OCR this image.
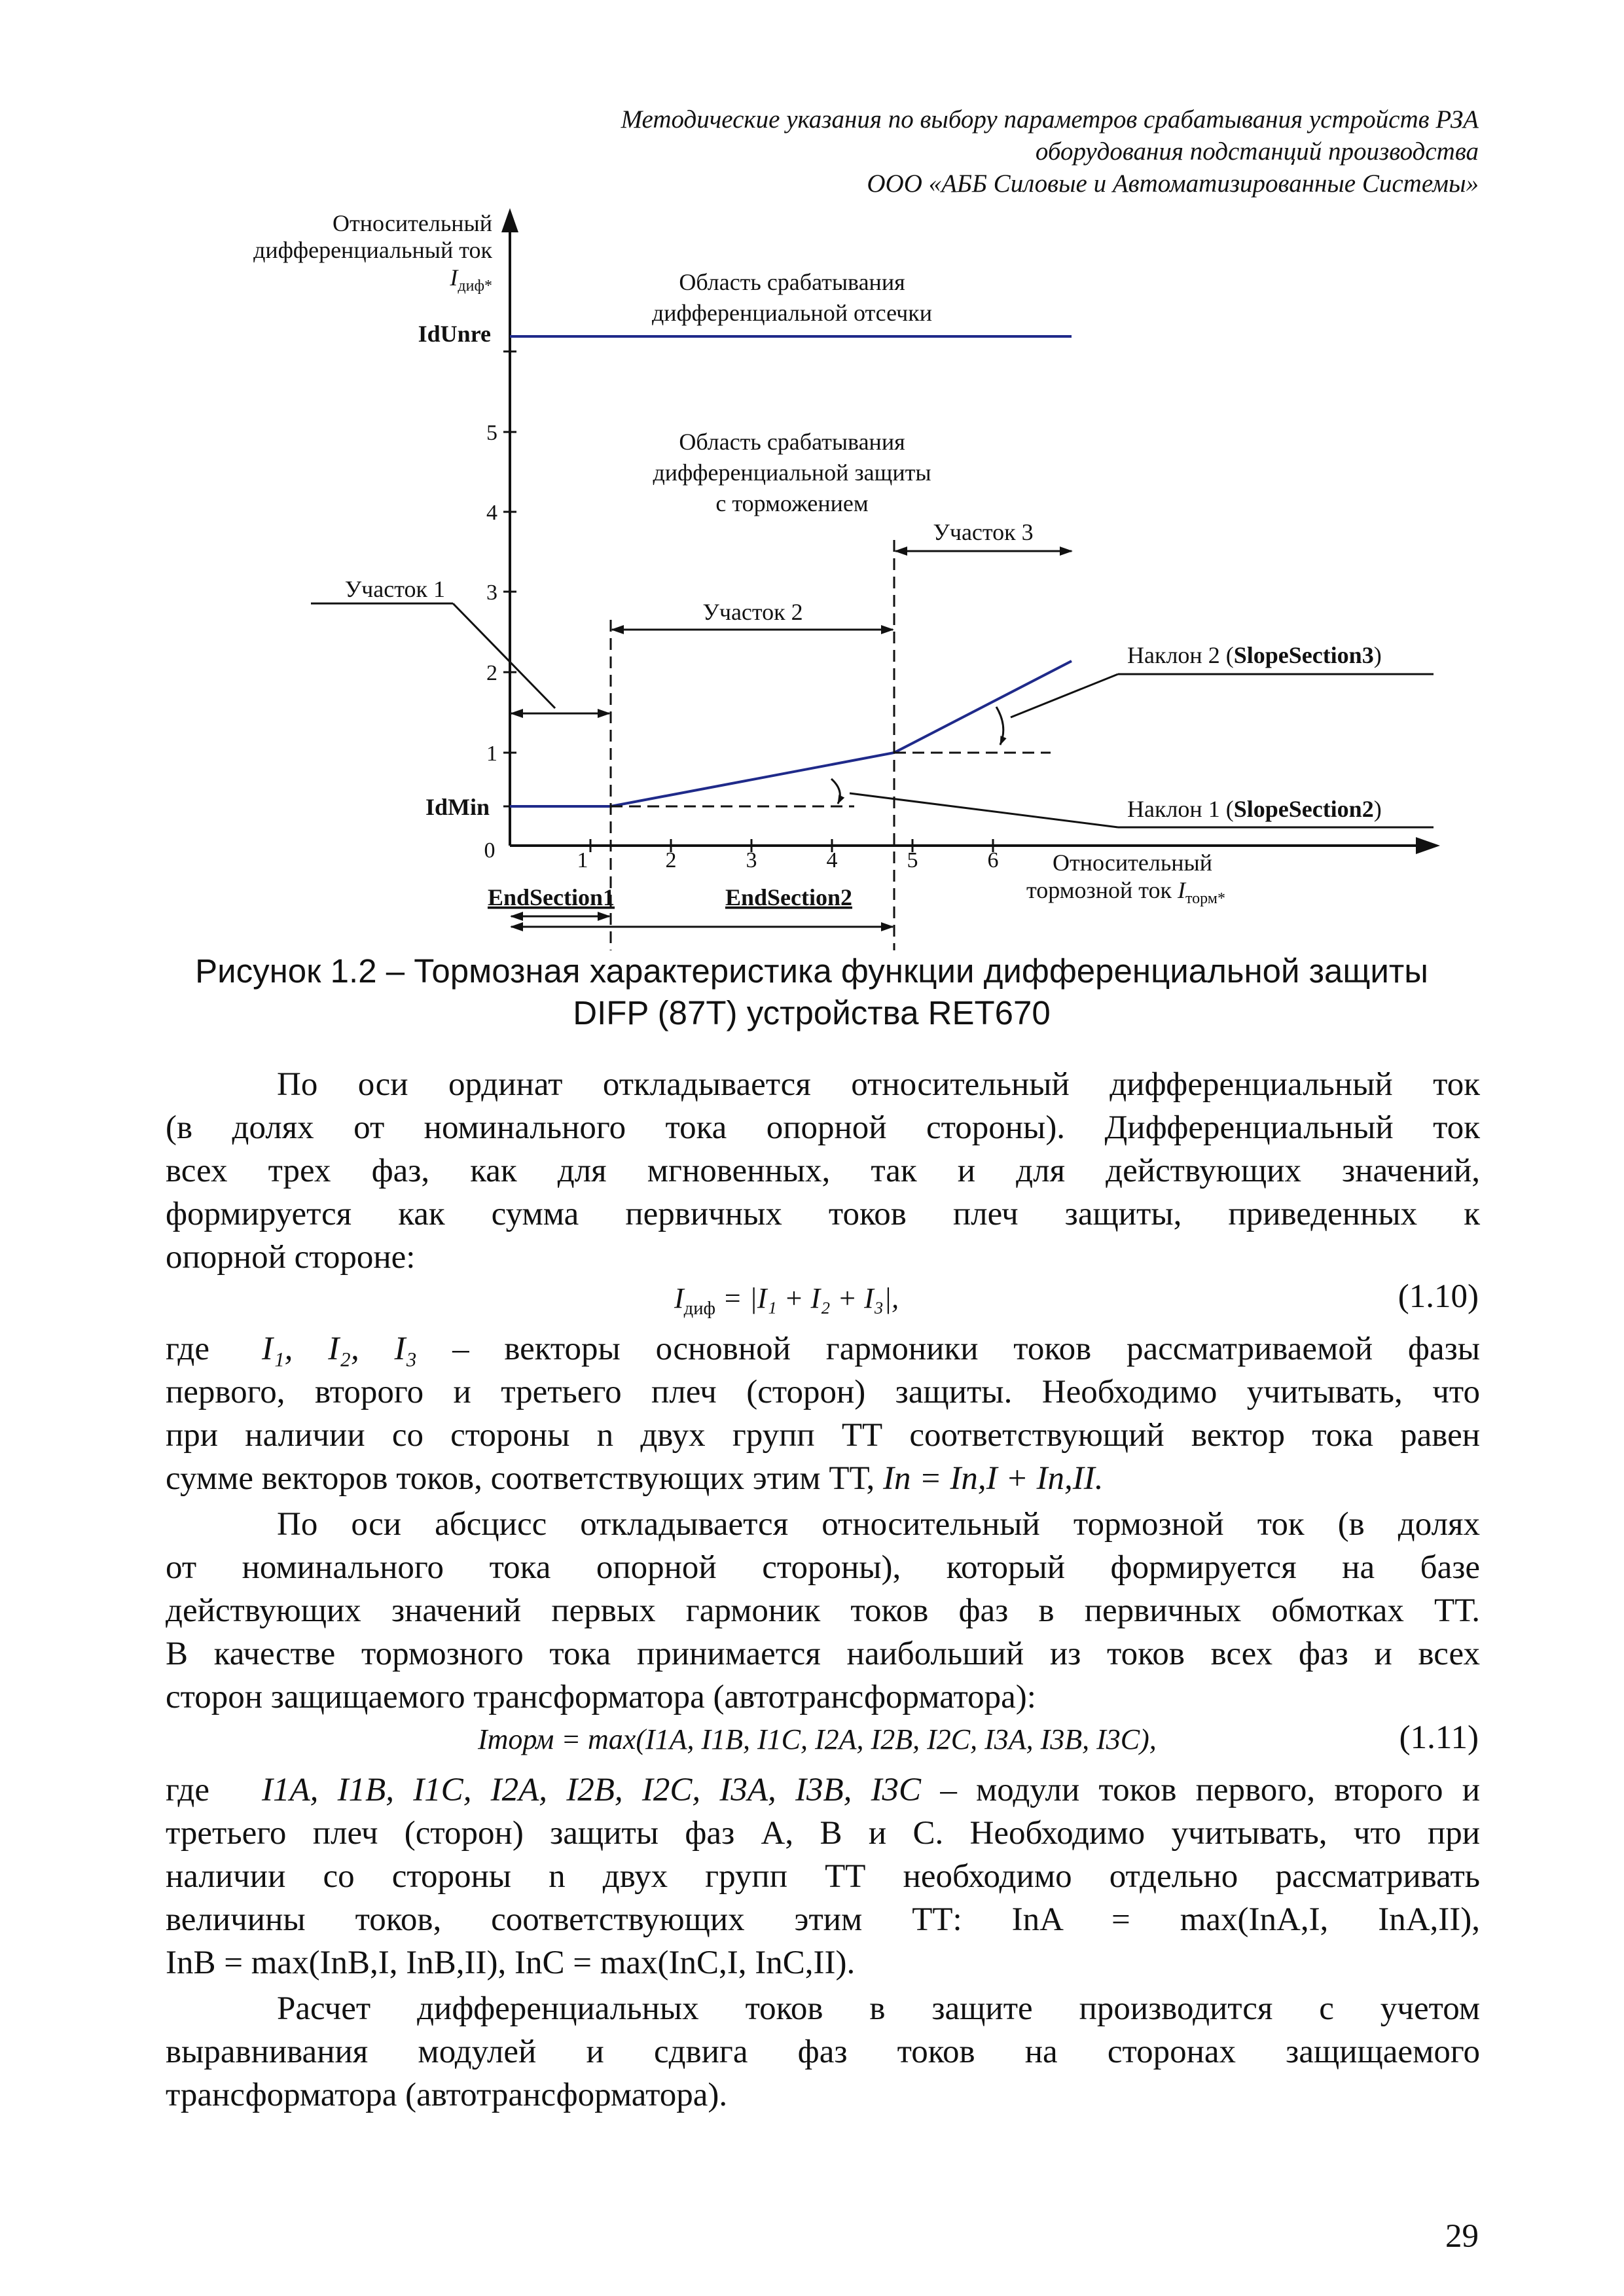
Методические указания по выбору параметров срабатывания устройств РЗА
оборудования подстанций производства
ООО «АББ Силовые и Автоматизированные Системы»
1
2
3
4
5
0	1	2	3	4	5	6
Относительный
дифференциальный ток
$I_{диф*}$
IdUnre
IdMin
Область срабатывания
дифференциальной отсечки
Область срабатывания
дифференциальной защиты
с торможением
Участок 1
Участок 2
Участок 3
EndSection1	EndSection2
Относительный
тормозной ток $I_{торм*}$
Наклон 2 (SlopeSection3)
Наклон 1 (SlopeSection2)
Рисунок 1.2 – Тормозная характеристика функции дифференциальной защиты
DIFP (87T) устройства RET670
По оси ординат откладывается относительный дифференциальный ток
(в долях от номинального тока опорной стороны). Дифференциальный ток
всех трех фаз, как для мгновенных, так и для действующих значений,
формируется как сумма первичных токов плеч защиты, приведенных к
опорной стороне:
$I_{диф} = |I_1 + I_2 + I_3|$,	(1.10)
где I₁, I₂, I₃ – векторы основной гармоники токов рассматриваемой фазы
первого, второго и третьего плеч (сторон) защиты. Необходимо учитывать, что
при наличии со стороны n двух групп ТТ соответствующий вектор тока равен
сумме векторов токов, соответствующих этим ТТ, In = In,I + In,II.
По оси абсцисс откладывается относительный тормозной ток (в долях
от номинального тока опорной стороны), который формируется на базе
действующих значений первых гармоник токов фаз в первичных обмотках ТТ.
В качестве тормозного тока принимается наибольший из токов всех фаз и всех
сторон защищаемого трансформатора (автотрансформатора):
Iторм = max(I1A, I1B, I1C, I2A, I2B, I2C, I3A, I3B, I3C),	(1.11)
где I1A, I1B, I1C, I2A, I2B, I2C, I3A, I3B, I3C – модули токов первого, второго и
третьего плеч (сторон) защиты фаз А, В и С. Необходимо учитывать, что при
наличии со стороны n двух групп ТТ необходимо отдельно рассматривать
величины токов, соответствующих этим ТТ: InA = max(InA,I, InA,II),
InB = max(InB,I, InB,II), InC = max(InC,I, InC,II).
Расчет дифференциальных токов в защите производится с учетом
выравнивания модулей и сдвига фаз токов на сторонах защищаемого
трансформатора (автотрансформатора).
29
